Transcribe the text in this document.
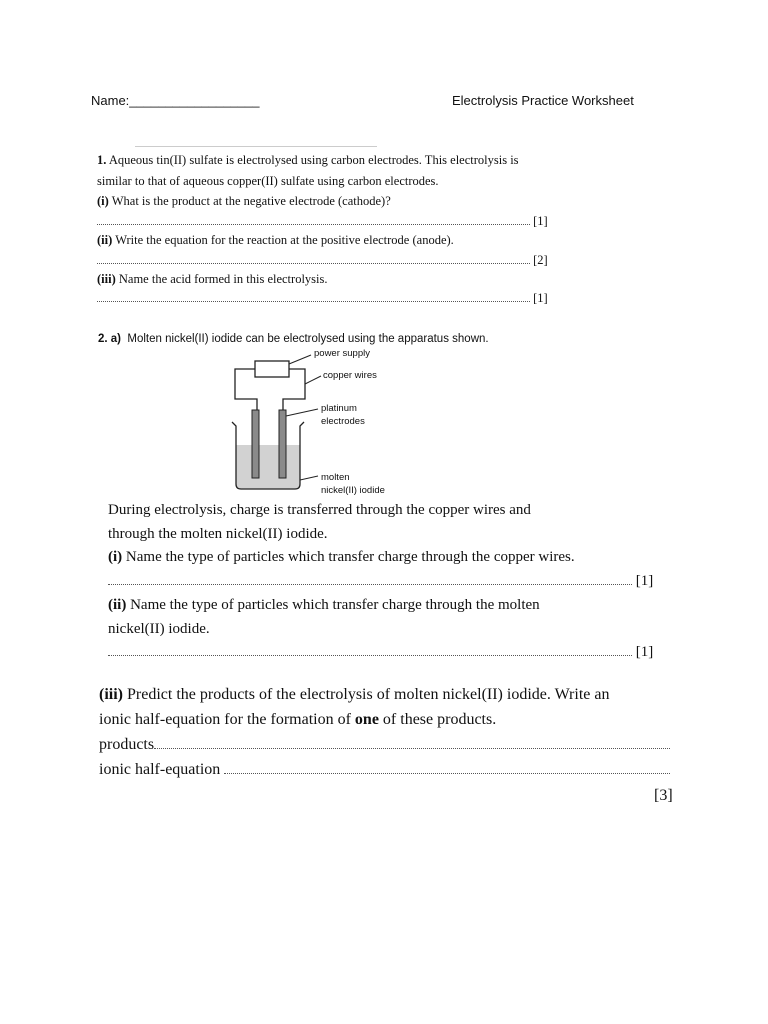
Name:__________________	Electrolysis Practice Worksheet
1. Aqueous tin(II) sulfate is electrolysed using carbon electrodes. This electrolysis is
similar to that of aqueous copper(II) sulfate using carbon electrodes.
(i) What is the product at the negative electrode (cathode)?
[1]
(ii) Write the equation for the reaction at the positive electrode (anode).
[2]
(iii) Name the acid formed in this electrolysis.
[1]
2. a) Molten nickel(II) iodide can be electrolysed using the apparatus shown.
power supply
copper wires
platinum
electrodes
molten
nickel(II) iodide
During electrolysis, charge is transferred through the copper wires and
through the molten nickel(II) iodide.
(i) Name the type of particles which transfer charge through the copper wires.
[1]
(ii) Name the type of particles which transfer charge through the molten
nickel(II) iodide.
[1]
(iii) Predict the products of the electrolysis of molten nickel(II) iodide. Write an
ionic half-equation for the formation of one of these products.
products
ionic half-equation
[3]
